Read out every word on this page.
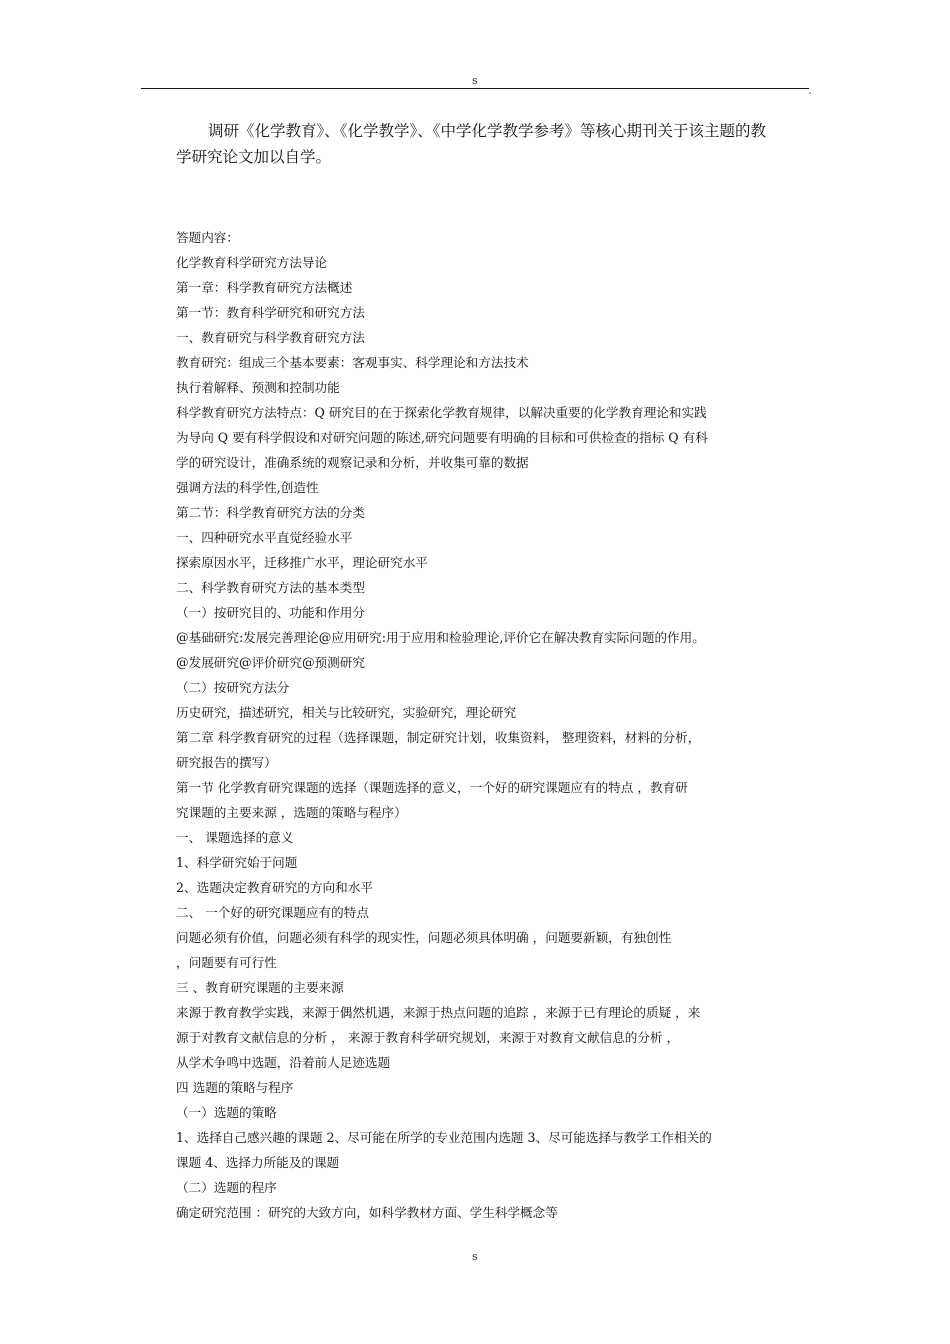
s
,
调研《化学教育》、《化学教学》、《中学化学教学参考》等核心期刊关于该主题的教学研究论文加以自学。
答题内容：
化学教育科学研究方法导论
第一章：科学教育研究方法概述
第一节：教育科学研究和研究方法
一、教育研究与科学教育研究方法
教育研究：组成三个基本要素：客观事实、科学理论和方法技术
执行着解释、预测和控制功能
科学教育研究方法特点：Q 研究目的在于探索化学教育规律，以解决重要的化学教育理论和实践
为导向 Q 要有科学假设和对研究问题的陈述,研究问题要有明确的目标和可供检查的指标 Q 有科
学的研究设计，准确系统的观察记录和分析，并收集可靠的数据
强调方法的科学性,创造性
第二节：科学教育研究方法的分类
一、四种研究水平直觉经验水平
探索原因水平，迁移推广水平，理论研究水平
二、科学教育研究方法的基本类型
（一）按研究目的、功能和作用分
@基础研究:发展完善理论@应用研究:用于应用和检验理论,评价它在解决教育实际问题的作用。
@发展研究@评价研究@预测研究
（二）按研究方法分
历史研究，描述研究，相关与比较研究，实验研究，理论研究
第二章 科学教育研究的过程（选择课题，制定研究计划，收集资料， 整理资料，材料的分析，
研究报告的撰写）
第一节 化学教育研究课题的选择（课题选择的意义，一个好的研究课题应有的特点 ，教育研
究课题的主要来源 ，选题的策略与程序）
一、 课题选择的意义
1、科学研究始于问题
2、选题决定教育研究的方向和水平
二、 一个好的研究课题应有的特点
问题必须有价值，问题必须有科学的现实性，问题必须具体明确 ，问题要新颖，有独创性
，问题要有可行性
三 、教育研究课题的主要来源
来源于教育教学实践，来源于偶然机遇，来源于热点问题的追踪 ，来源于已有理论的质疑 ，来
源于对教育文献信息的分析 ， 来源于教育科学研究规划，来源于对教育文献信息的分析 ，
从学术争鸣中选题，沿着前人足迹选题
四 选题的策略与程序
（一）选题的策略
1、选择自己感兴趣的课题 2、尽可能在所学的专业范围内选题 3、尽可能选择与教学工作相关的
课题 4、选择力所能及的课题
（二）选题的程序
确定研究范围 ：研究的大致方向，如科学教材方面、学生科学概念等
s
